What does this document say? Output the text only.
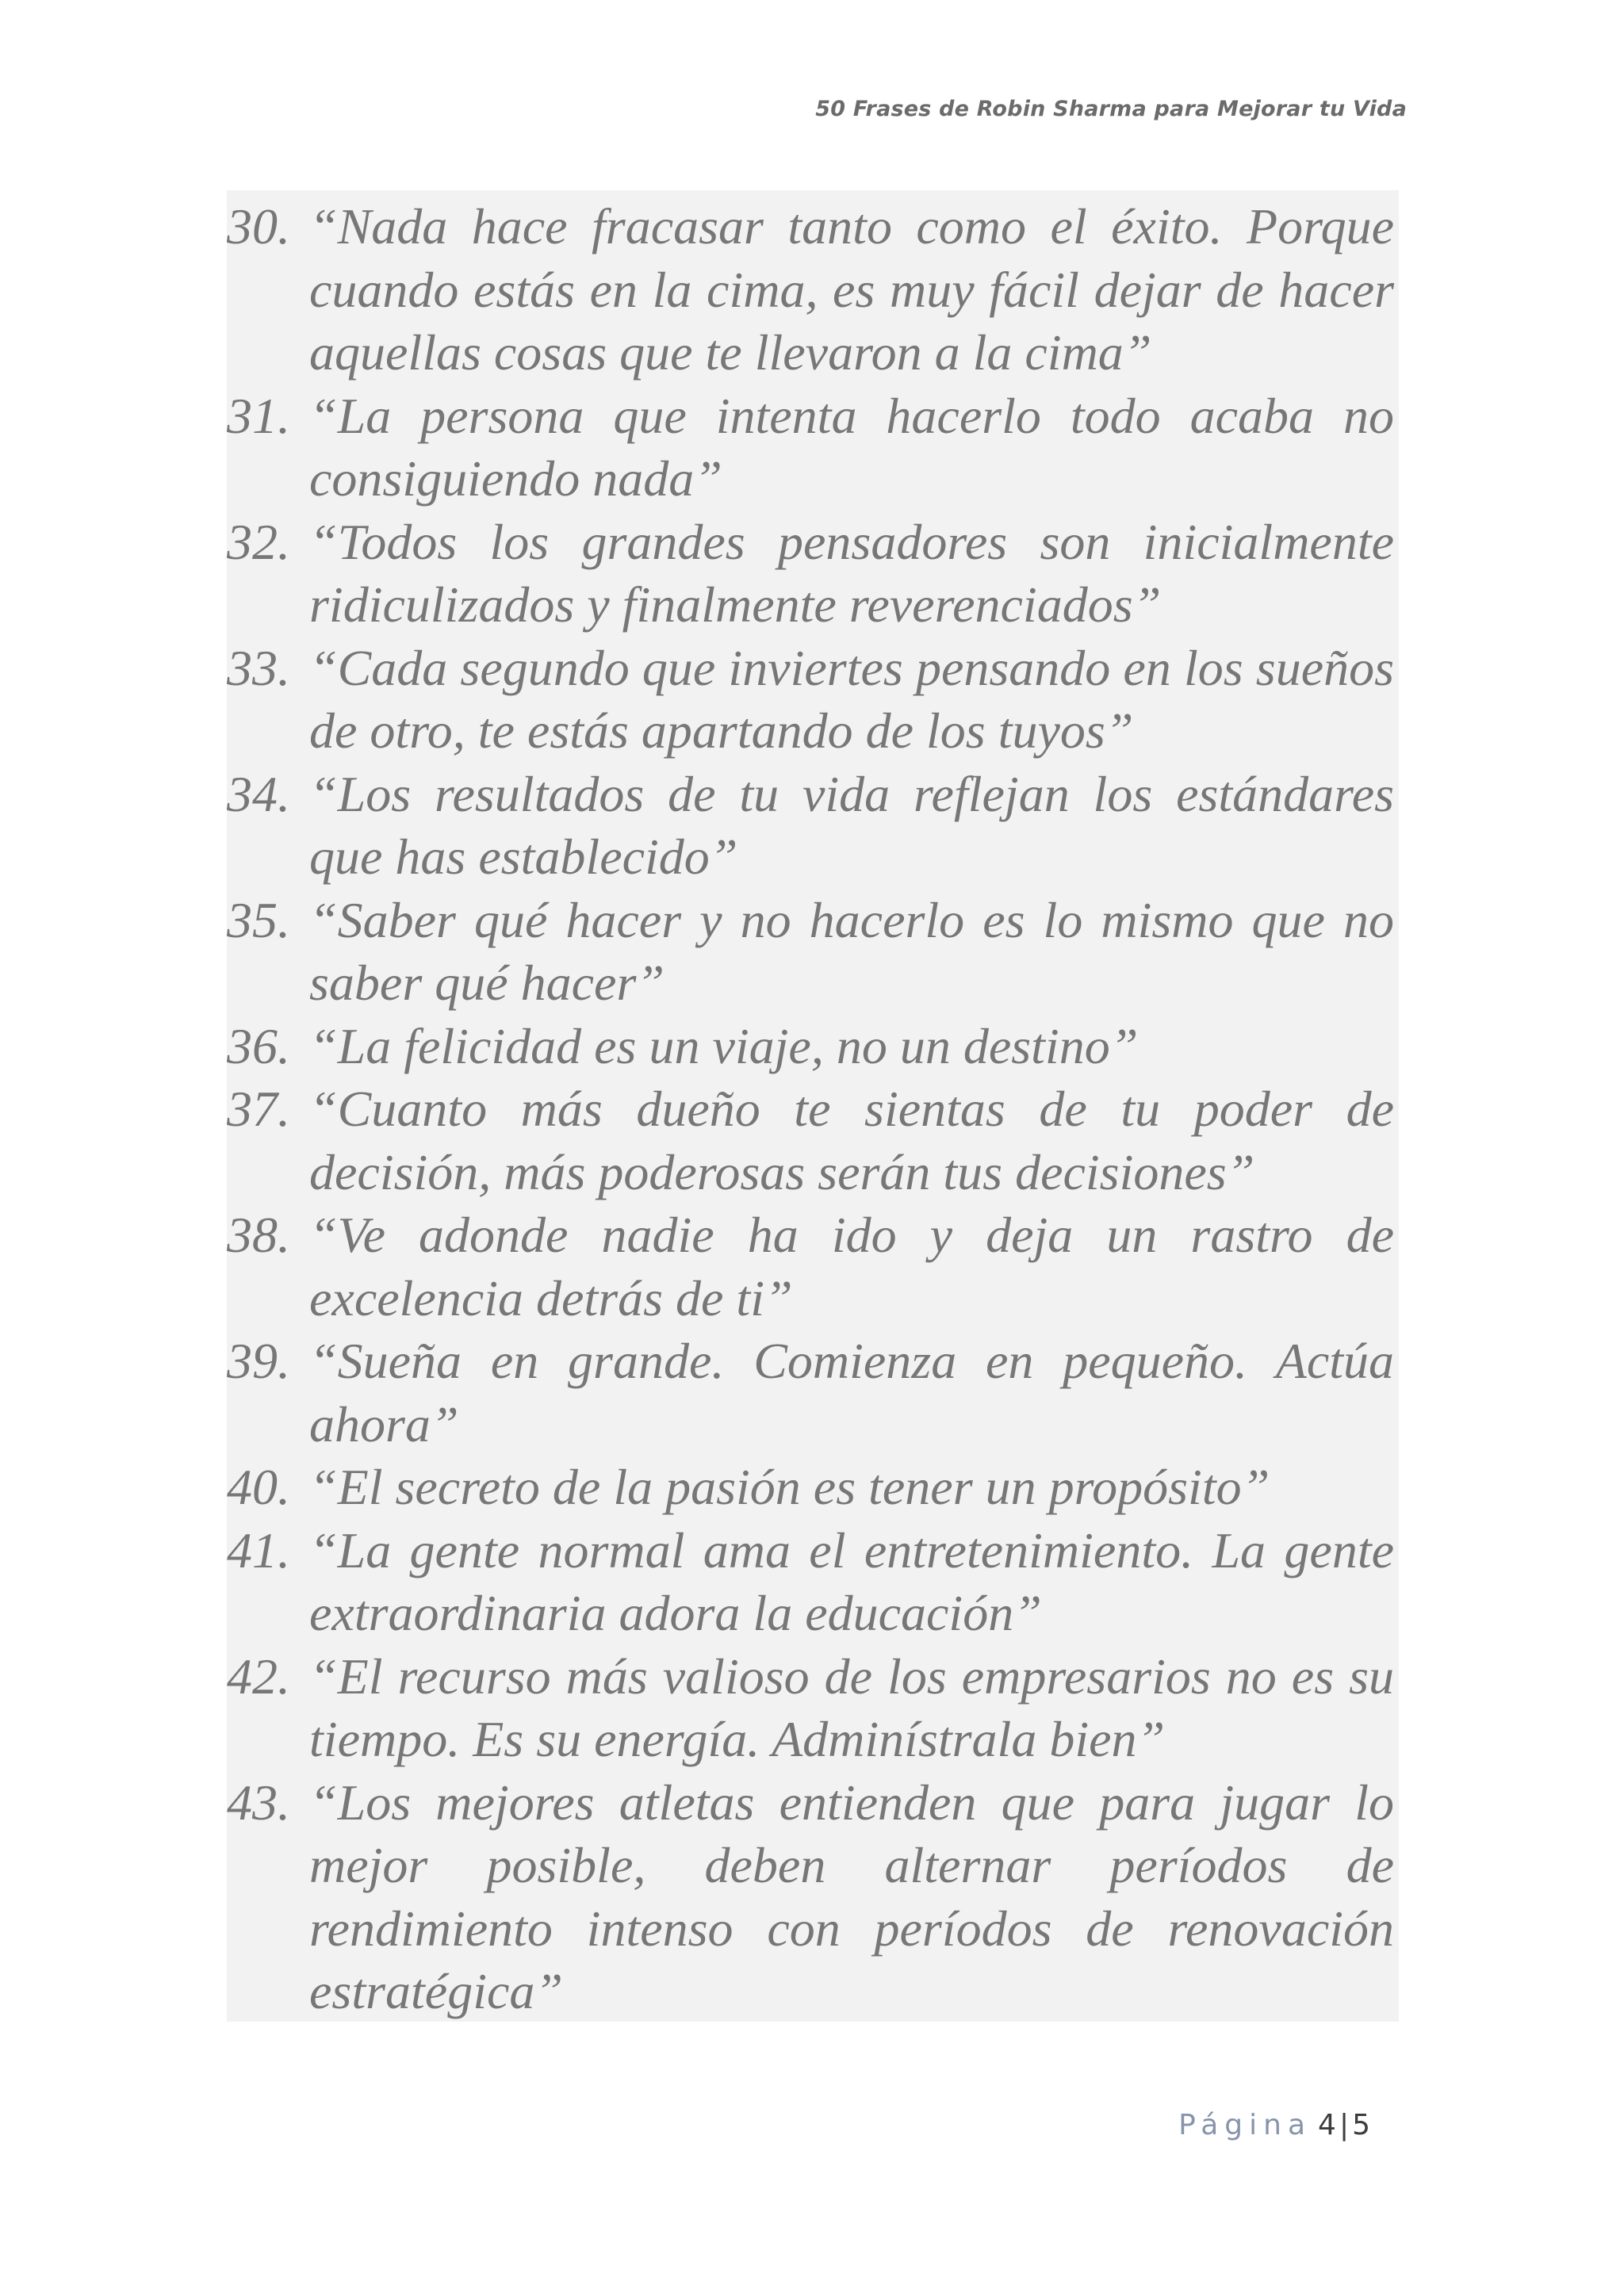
50 Frases de Robin Sharma para Mejorar tu Vida
30. “Nada hace fracasar tanto como el éxito. Porque cuando estás en la cima, es muy fácil dejar de hacer aquellas cosas que te llevaron a la cima”
31. “La persona que intenta hacerlo todo acaba no consiguiendo nada”
32. “Todos los grandes pensadores son inicialmente ridiculizados y finalmente reverenciados”
33. “Cada segundo que inviertes pensando en los sueños de otro, te estás apartando de los tuyos”
34. “Los resultados de tu vida reflejan los estándares que has establecido”
35. “Saber qué hacer y no hacerlo es lo mismo que no saber qué hacer”
36. “La felicidad es un viaje, no un destino”
37. “Cuanto más dueño te sientas de tu poder de decisión, más poderosas serán tus decisiones”
38. “Ve adonde nadie ha ido y deja un rastro de excelencia detrás de ti”
39. “Sueña en grande. Comienza en pequeño. Actúa ahora”
40. “El secreto de la pasión es tener un propósito”
41. “La gente normal ama el entretenimiento. La gente extraordinaria adora la educación”
42. “El recurso más valioso de los empresarios no es su tiempo. Es su energía. Adminístrala bien”
43. “Los mejores atletas entienden que para jugar lo mejor posible, deben alternar períodos de rendimiento intenso con períodos de renovación estratégica”
Página 4 | 5
